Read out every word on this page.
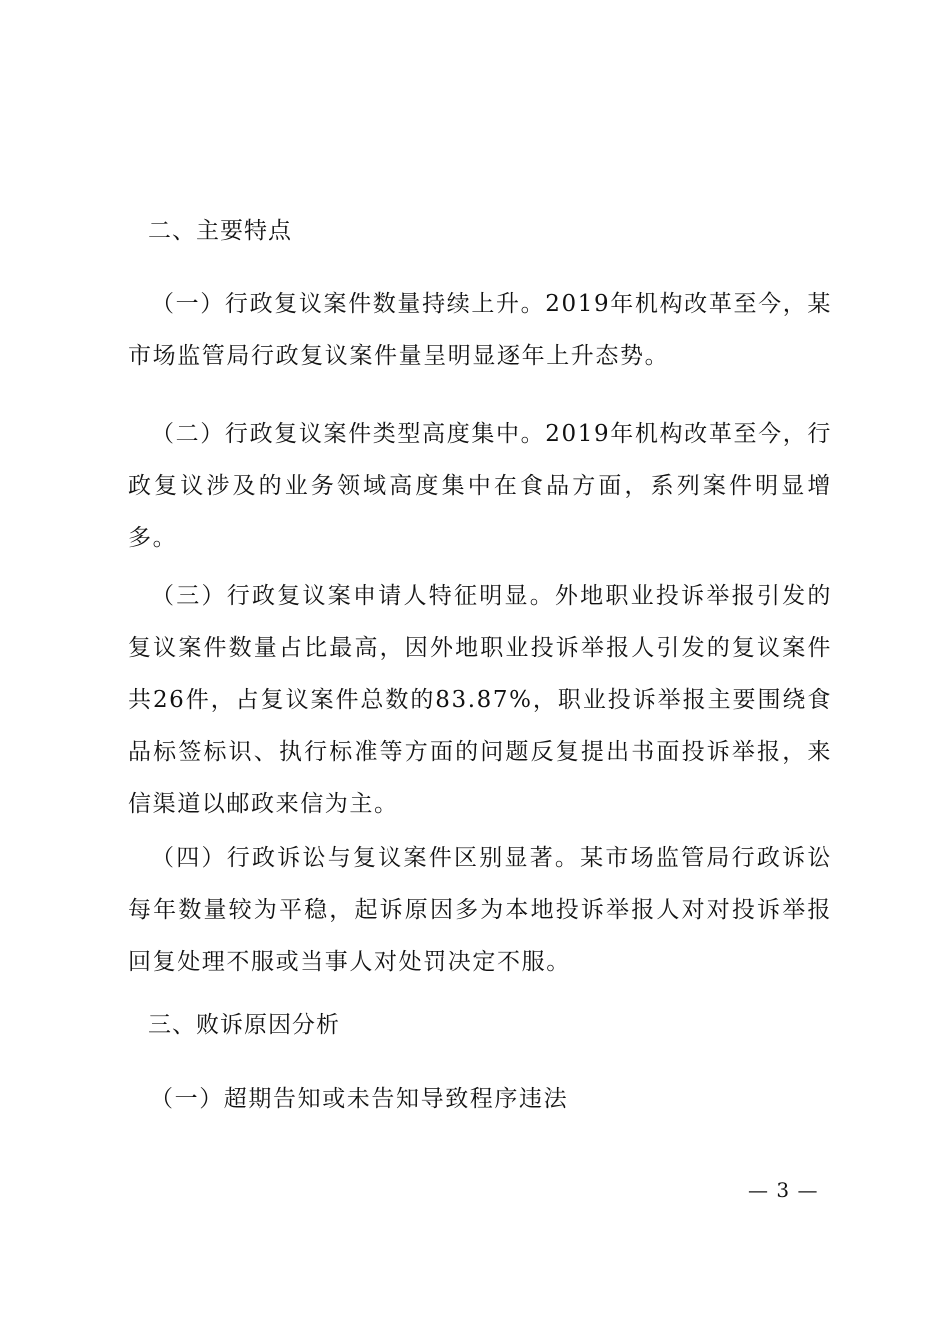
二、主要特点

（一）行政复议案件数量持续上升。2019年机构改革至今，某市场监管局行政复议案件量呈明显逐年上升态势。

（二）行政复议案件类型高度集中。2019年机构改革至今，行政复议涉及的业务领域高度集中在食品方面，系列案件明显增多。

（三）行政复议案申请人特征明显。外地职业投诉举报引发的复议案件数量占比最高，因外地职业投诉举报人引发的复议案件共26件，占复议案件总数的83.87%，职业投诉举报主要围绕食品标签标识、执行标准等方面的问题反复提出书面投诉举报，来信渠道以邮政来信为主。

（四）行政诉讼与复议案件区别显著。某市场监管局行政诉讼每年数量较为平稳，起诉原因多为本地投诉举报人对对投诉举报回复处理不服或当事人对处罚决定不服。

三、败诉原因分析
（一）超期告知或未告知导致程序违法
— 3 —
